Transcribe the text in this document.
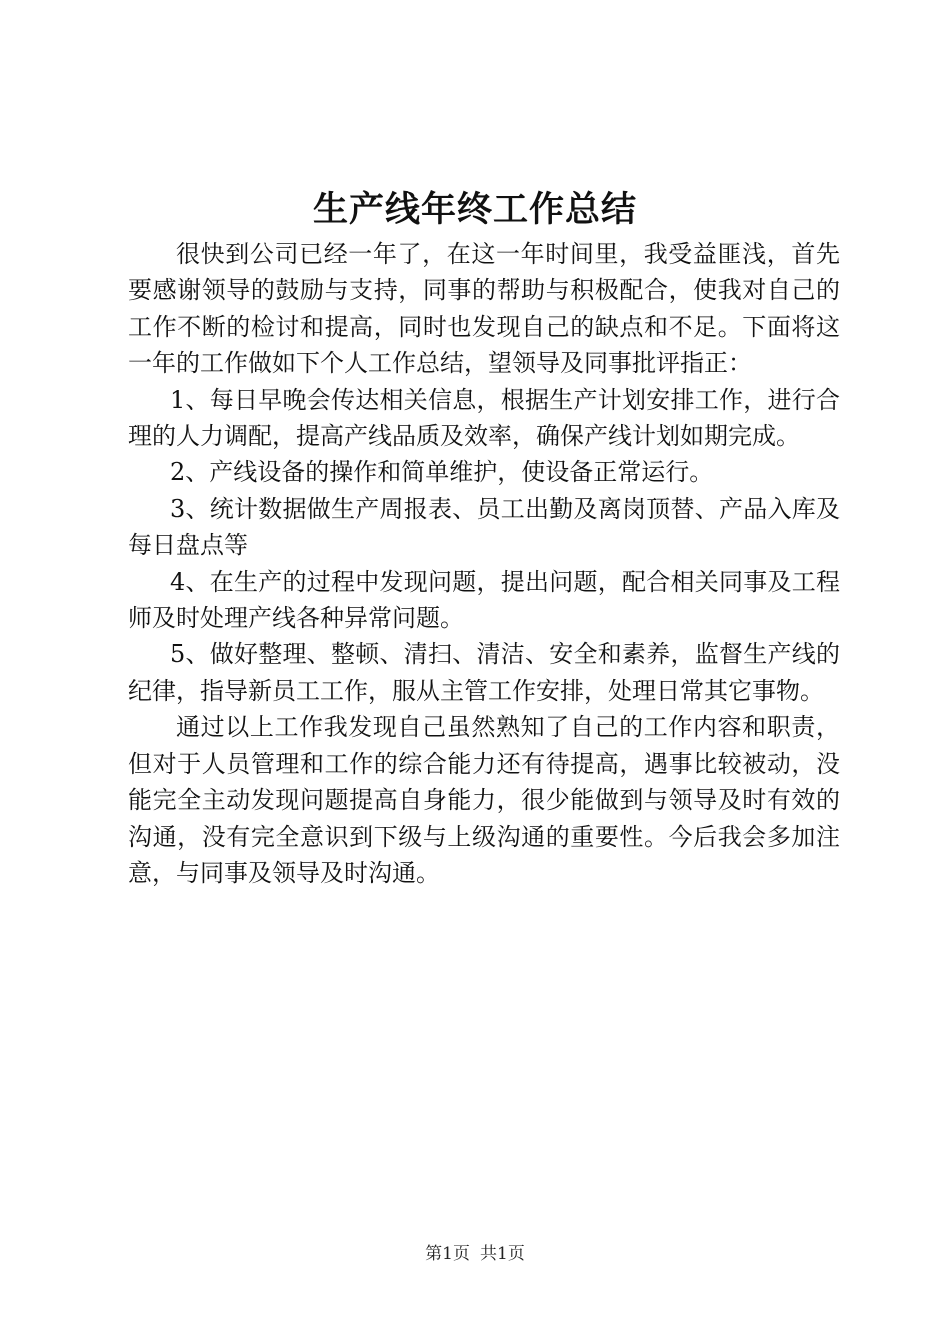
生产线年终工作总结

很快到公司已经一年了，在这一年时间里，我受益匪浅，首先要感谢领导的鼓励与支持，同事的帮助与积极配合，使我对自己的工作不断的检讨和提高，同时也发现自己的缺点和不足。下面将这一年的工作做如下个人工作总结，望领导及同事批评指正：

1、每日早晚会传达相关信息，根据生产计划安排工作，进行合理的人力调配，提高产线品质及效率，确保产线计划如期完成。

2、产线设备的操作和简单维护，使设备正常运行。

3、统计数据做生产周报表、员工出勤及离岗顶替、产品入库及每日盘点等

4、在生产的过程中发现问题，提出问题，配合相关同事及工程师及时处理产线各种异常问题。

5、做好整理、整顿、清扫、清洁、安全和素养，监督生产线的纪律，指导新员工工作，服从主管工作安排，处理日常其它事物。

通过以上工作我发现自己虽然熟知了自己的工作内容和职责，但对于人员管理和工作的综合能力还有待提高，遇事比较被动，没能完全主动发现问题提高自身能力，很少能做到与领导及时有效的沟通，没有完全意识到下级与上级沟通的重要性。今后我会多加注意，与同事及领导及时沟通。

第1页 共1页
